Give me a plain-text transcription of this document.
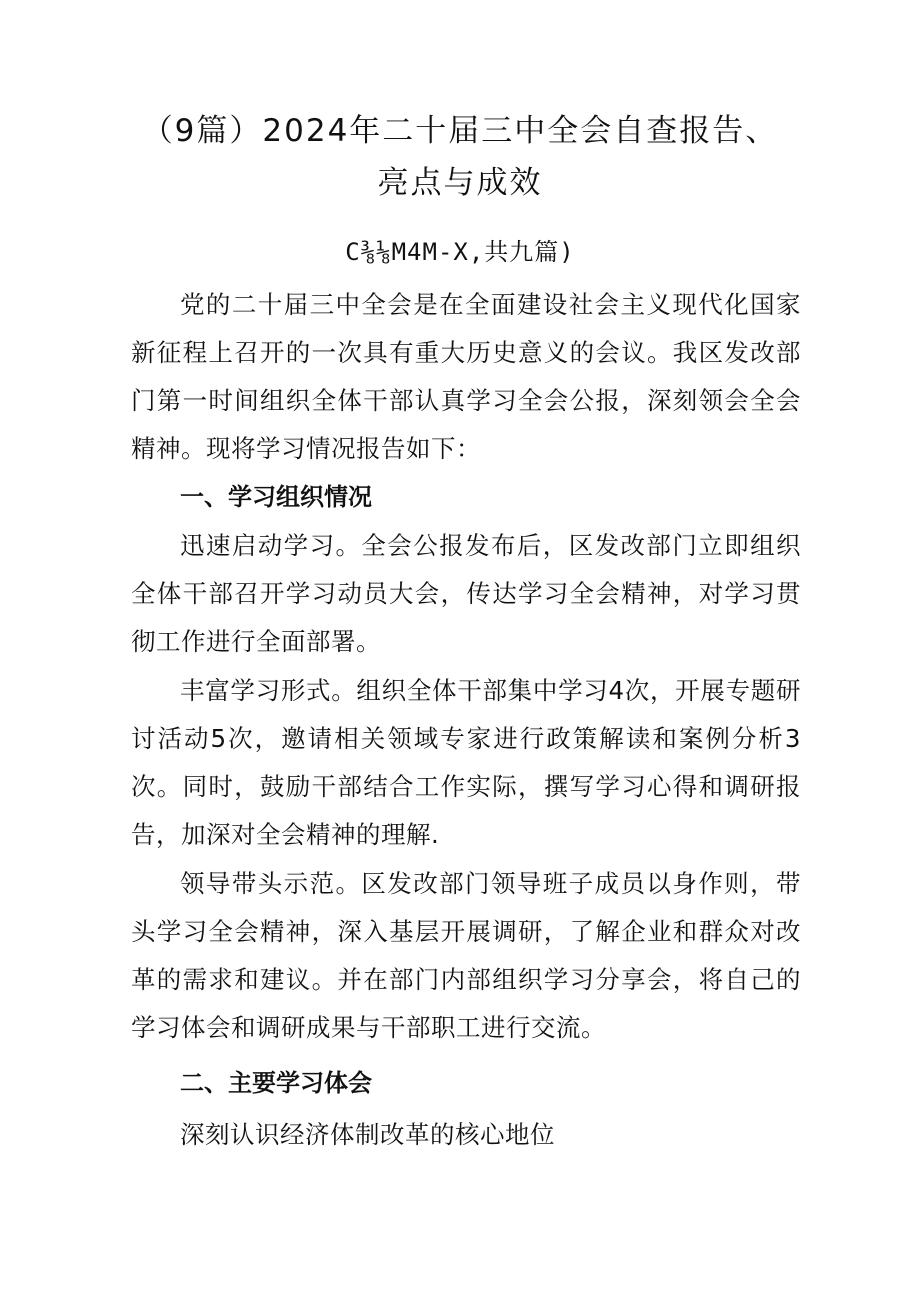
（9篇）2024年二十届三中全会自查报告、
亮点与成效
C⅜⅛M4M-X,共九篇)

党的二十届三中全会是在全面建设社会主义现代化国家新征程上召开的一次具有重大历史意义的会议。我区发改部门第一时间组织全体干部认真学习全会公报，深刻领会全会精神。现将学习情况报告如下：

一、学习组织情况

迅速启动学习。全会公报发布后，区发改部门立即组织全体干部召开学习动员大会，传达学习全会精神，对学习贯彻工作进行全面部署。

丰富学习形式。组织全体干部集中学习4次，开展专题研讨活动5次，邀请相关领域专家进行政策解读和案例分析3次。同时，鼓励干部结合工作实际，撰写学习心得和调研报告，加深对全会精神的理解.

领导带头示范。区发改部门领导班子成员以身作则，带头学习全会精神，深入基层开展调研，了解企业和群众对改革的需求和建议。并在部门内部组织学习分享会，将自己的学习体会和调研成果与干部职工进行交流。

二、主要学习体会

深刻认识经济体制改革的核心地位
